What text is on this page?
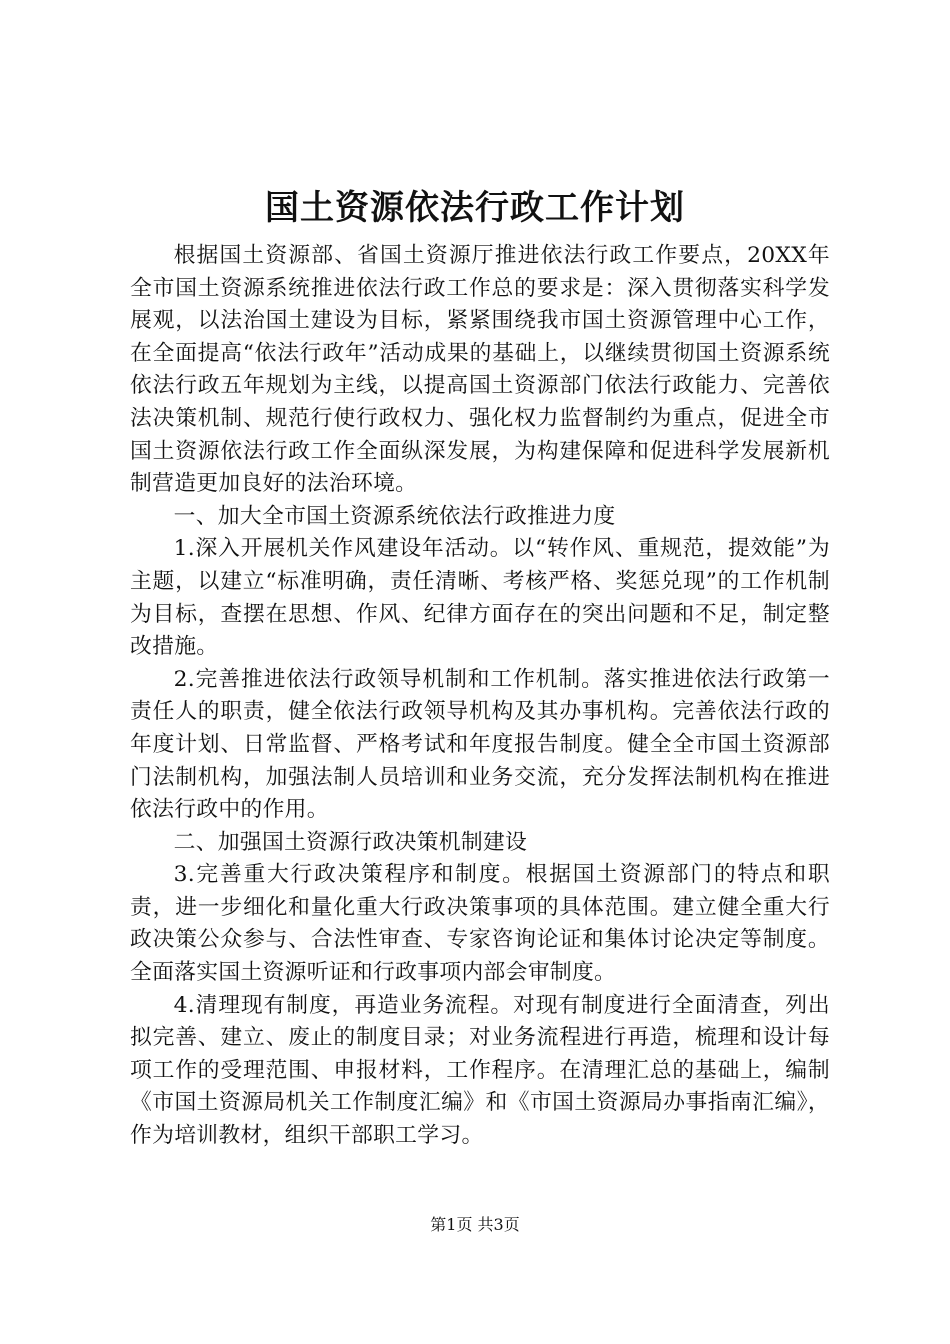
国土资源依法行政工作计划

根据国土资源部、省国土资源厅推进依法行政工作要点，20XX年全市国土资源系统推进依法行政工作总的要求是：深入贯彻落实科学发展观，以法治国土建设为目标，紧紧围绕我市国土资源管理中心工作，在全面提高“依法行政年”活动成果的基础上，以继续贯彻国土资源系统依法行政五年规划为主线，以提高国土资源部门依法行政能力、完善依法决策机制、规范行使行政权力、强化权力监督制约为重点，促进全市国土资源依法行政工作全面纵深发展，为构建保障和促进科学发展新机制营造更加良好的法治环境。

一、加大全市国土资源系统依法行政推进力度

1.深入开展机关作风建设年活动。以“转作风、重规范，提效能”为主题，以建立“标准明确，责任清晰、考核严格、奖惩兑现”的工作机制为目标，查摆在思想、作风、纪律方面存在的突出问题和不足，制定整改措施。

2.完善推进依法行政领导机制和工作机制。落实推进依法行政第一责任人的职责，健全依法行政领导机构及其办事机构。完善依法行政的年度计划、日常监督、严格考试和年度报告制度。健全全市国土资源部门法制机构，加强法制人员培训和业务交流，充分发挥法制机构在推进依法行政中的作用。

二、加强国土资源行政决策机制建设

3.完善重大行政决策程序和制度。根据国土资源部门的特点和职责，进一步细化和量化重大行政决策事项的具体范围。建立健全重大行政决策公众参与、合法性审查、专家咨询论证和集体讨论决定等制度。全面落实国土资源听证和行政事项内部会审制度。

4.清理现有制度，再造业务流程。对现有制度进行全面清查，列出拟完善、建立、废止的制度目录；对业务流程进行再造，梳理和设计每项工作的受理范围、申报材料，工作程序。在清理汇总的基础上，编制《市国土资源局机关工作制度汇编》和《市国土资源局办事指南汇编》，作为培训教材，组织干部职工学习。

第1页 共3页
